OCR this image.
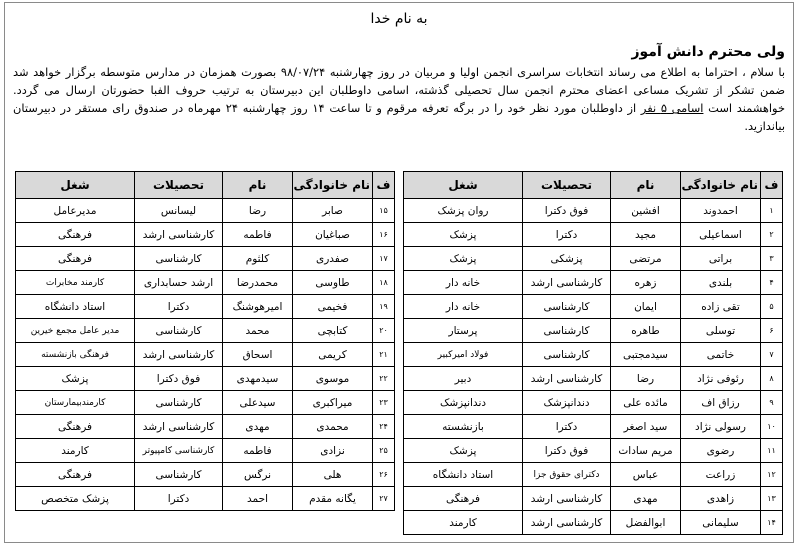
به نام خدا
ولی محترم دانش آموز
با سلام ، احتراما به اطلاع می رساند انتخابات سراسری انجمن اولیا و مربیان در روز چهارشنبه ۹۸/۰۷/۲۴ بصورت همزمان در مدارس متوسطه برگزار خواهد شد ضمن تشکر از تشریک مساعی اعضای محترم انجمن سال تحصیلی گذشته، اسامی داوطلبان این دبیرستان به ترتیب حروف الفبا حضورتان ارسال می گردد. خواهشمند است اسامی ۵ نفر از داوطلبان مورد نظر خود را در برگه تعرفه مرقوم و تا ساعت ۱۴ روز چهارشنبه ۲۴ مهرماه در صندوق رای مستقر در دبیرستان بیاندازید.
ف	نام خانوادگی	نام	تحصیلات	شغل
۱	احمدوند	افشین	فوق دکترا	روان پزشک
۲	اسماعیلی	مجید	دکترا	پزشک
۳	براتی	مرتضی	پزشکی	پزشک
۴	بلندی	زهره	کارشناسی ارشد	خانه دار
۵	تقی زاده	ایمان	کارشناسی	خانه دار
۶	توسلی	طاهره	کارشناسی	پرستار
۷	خاتمی	سیدمجتبی	کارشناسی	فولاد امیرکبیر
۸	رئوفی نژاد	رضا	کارشناسی ارشد	دبیر
۹	رزاق اف	مائده علی	دندانپزشک	دندانپزشک
۱۰	رسولی نژاد	سید اصغر	دکترا	بازنشسته
۱۱	رضوی	مریم سادات	فوق دکترا	پزشک
۱۲	زراعت	عباس	دکترای حقوق جزا	استاد دانشگاه
۱۳	زاهدی	مهدی	کارشناسی ارشد	فرهنگی
۱۴	سلیمانی	ابوالفضل	کارشناسی ارشد	کارمند
ف	نام خانوادگی	نام	تحصیلات	شغل
۱۵	صابر	رضا	لیسانس	مدیرعامل
۱۶	صباغیان	فاطمه	کارشناسی ارشد	فرهنگی
۱۷	صفدری	کلثوم	کارشناسی	فرهنگی
۱۸	طاوسی	محمدرضا	ارشد حسابداری	کارمند مخابرات
۱۹	فخیمی	امیرهوشنگ	دکترا	استاد دانشگاه
۲۰	کتابچی	محمد	کارشناسی	مدیر عامل مجمع خیرین
۲۱	کریمی	اسحاق	کارشناسی ارشد	فرهنگی بازنشسته
۲۲	موسوی	سیدمهدی	فوق دکترا	پزشک
۲۳	میراکبری	سیدعلی	کارشناسی	کارمندبیمارستان
۲۴	محمدی	مهدی	کارشناسی ارشد	فرهنگی
۲۵	نزادی	فاطمه	کارشناسی کامپیوتر	کارمند
۲۶	هلی	نرگس	کارشناسی	فرهنگی
۲۷	یگانه مقدم	احمد	دکترا	پزشک متخصص
